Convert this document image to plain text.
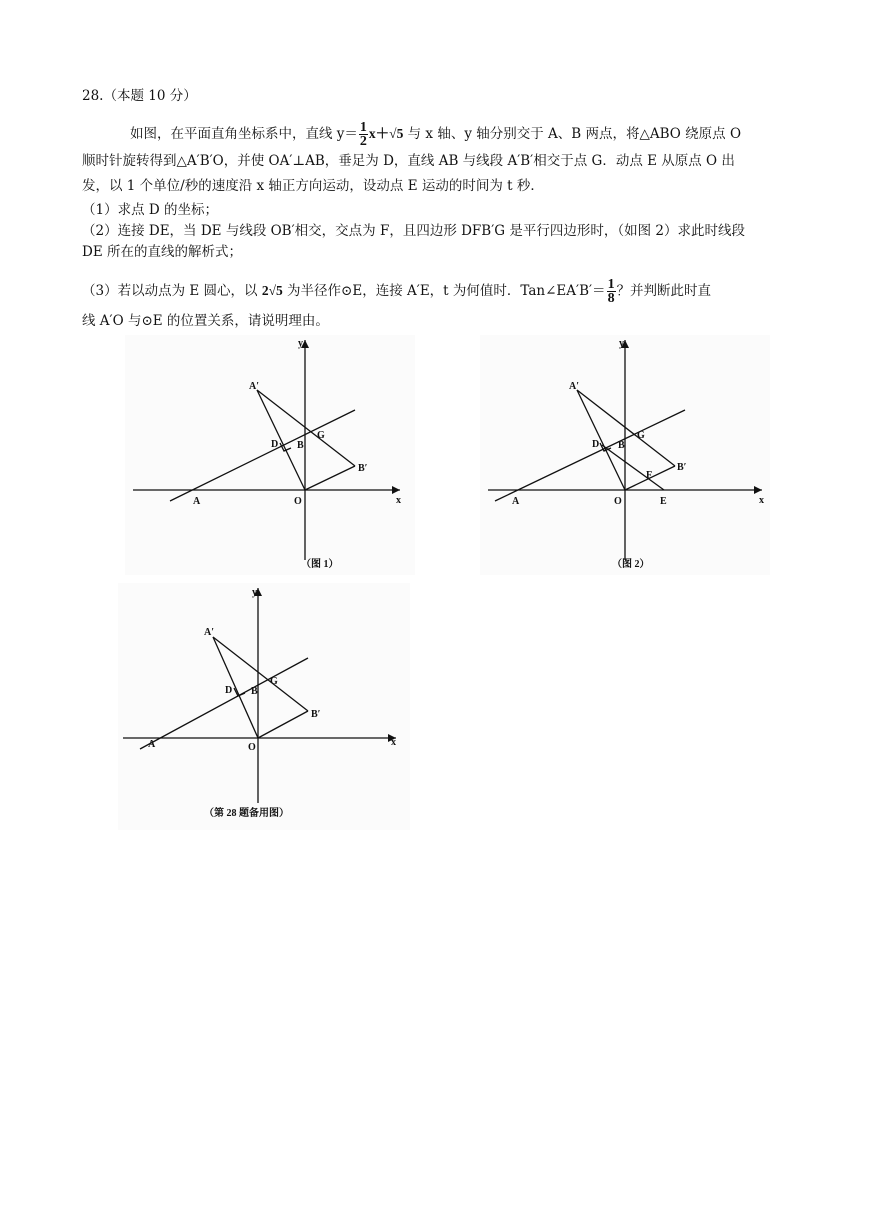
28.（本题 10 分）
如图，在平面直角坐标系中，直线 $y= \frac{1}{2} x+√5$ 与 x 轴、y 轴分别交于 A、B 两点，将△ABO 绕原点 O
顺时针旋转得到△A′B′O，并使 OA′⊥AB，垂足为 D，直线 AB 与线段 A′B′相交于点 G．动点 E 从原点 O 出
发，以 1 个单位/秒的速度沿 x 轴正方向运动，设动点 E 运动的时间为 t 秒．
（1）求点 D 的坐标；
（2）连接 DE，当 DE 与线段 OB′相交，交点为 F，且四边形 DFB′G 是平行四边形时，（如图 2）求此时线段
DE 所在的直线的解析式；
（3）若以动点为 E 圆心，以 2√5 为半径作⊙E，连接 A′E，t 为何值时．Tan∠EA′B′＝ $\frac{1}{8}$ ？并判断此时直
线 A′O 与⊙E 的位置关系，请说明理由。
x
y
A	O
B
D
G
A′
B′
（图 1）
x
y
A	O	E
B
D
G
F
A′
B′
（图 2）
x
y
A	O
B
D
G
A′
B′
（第 28 题备用图）
